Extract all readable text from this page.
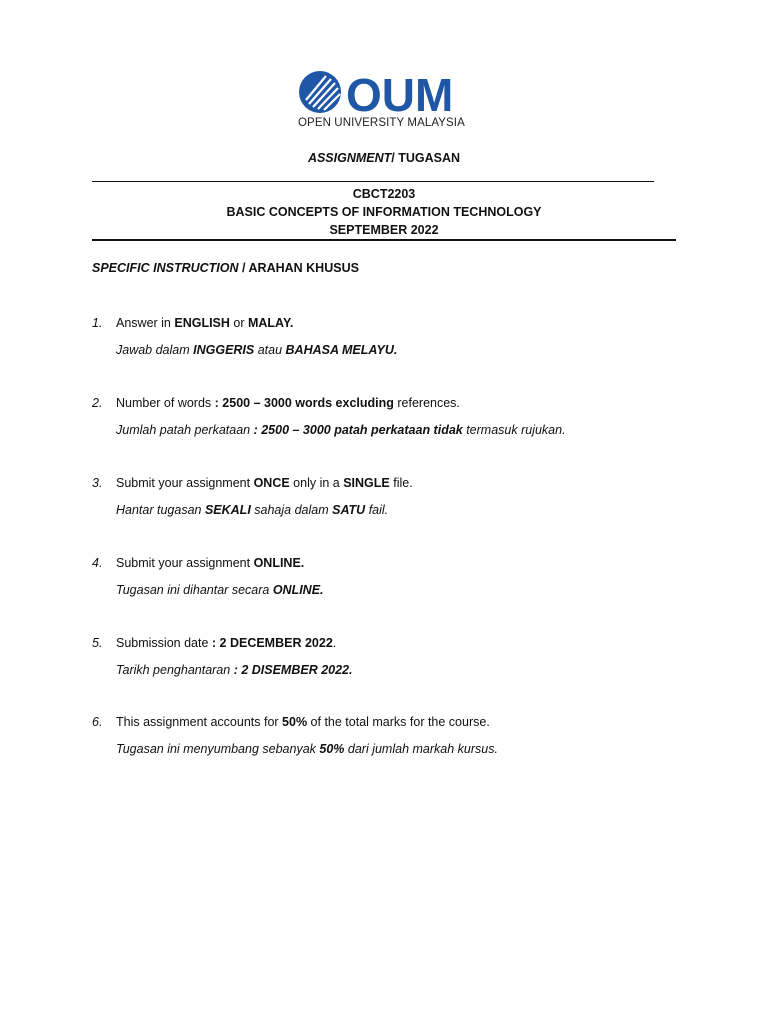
OUM
OPEN UNIVERSITY MALAYSIA
ASSIGNMENT/ TUGASAN
CBCT2203
BASIC CONCEPTS OF INFORMATION TECHNOLOGY
SEPTEMBER 2022
SPECIFIC INSTRUCTION / ARAHAN KHUSUS
1. Answer in ENGLISH or MALAY.
Jawab dalam INGGERIS atau BAHASA MELAYU.
2. Number of words : 2500 – 3000 words excluding references.
Jumlah patah perkataan : 2500 – 3000 patah perkataan tidak termasuk rujukan.
3. Submit your assignment ONCE only in a SINGLE file.
Hantar tugasan SEKALI sahaja dalam SATU fail.
4. Submit your assignment ONLINE.
Tugasan ini dihantar secara ONLINE.
5. Submission date : 2 DECEMBER 2022.
Tarikh penghantaran : 2 DISEMBER 2022.
6. This assignment accounts for 50% of the total marks for the course.
Tugasan ini menyumbang sebanyak 50% dari jumlah markah kursus.
